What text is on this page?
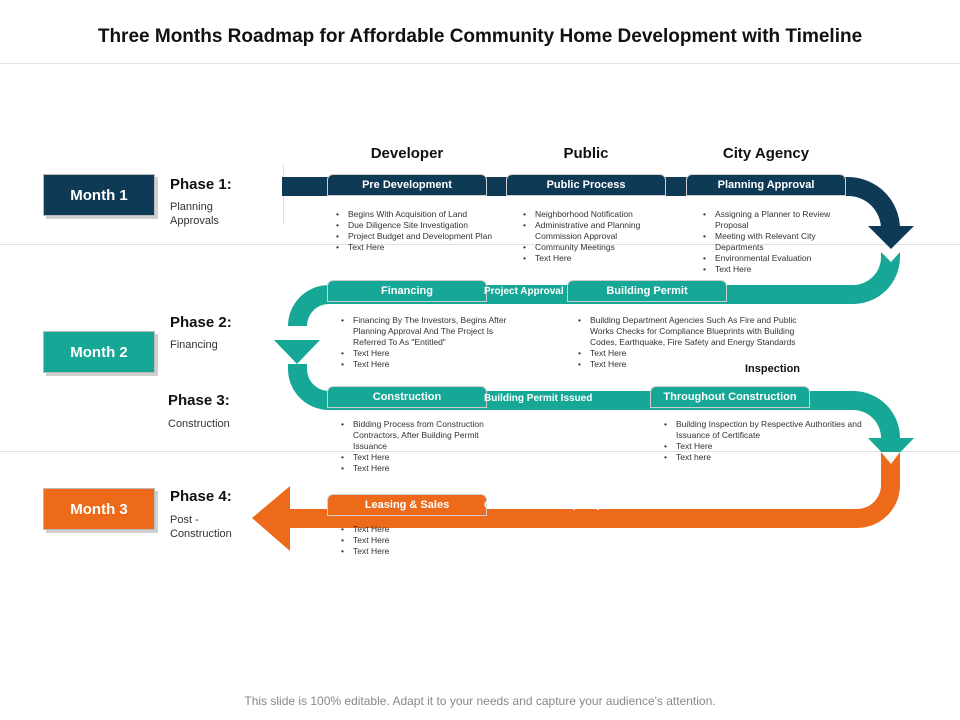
Three Months Roadmap for Affordable Community Home Development with Timeline
Month 1
Month 2
Month 3
Phase 1:
Planning
Approvals
Phase 2:
Financing
Phase 3:
Construction
Phase 4:
Post -
Construction
Developer	Public	City Agency
Pre Development	Public Process	Planning Approval
Financing	Building Permit
Construction	Throughout Construction
Leasing & Sales
Project Approval
Building Permit Issued
Certificate of Occupancy
Inspection
• Begins With Acquisition of Land
• Due Diligence Site Investigation
• Project Budget and Development Plan
• Text Here
• Neighborhood Notification
• Administrative and Planning Commission Approval
• Community Meetings
• Text Here
• Assigning a Planner to Review Proposal
• Meeting with Relevant City Departments
• Environmental Evaluation
• Text Here
• Financing By The Investors, Begins After Planning Approval And The Project Is Referred To As "Entitled"
• Text Here
• Text Here
• Building Department Agencies Such As Fire and Public Works Checks for Compliance Blueprints with Building Codes, Earthquake, Fire Safety and Energy Standards
• Text Here
• Text Here
• Bidding Process from Construction Contractors, After Building Permit Issuance
• Text Here
• Text Here
• Building Inspection by Respective Authorities and Issuance of Certificate
• Text Here
• Text here
• Text Here
• Text Here
• Text Here
This slide is 100% editable. Adapt it to your needs and capture your audience's attention.
